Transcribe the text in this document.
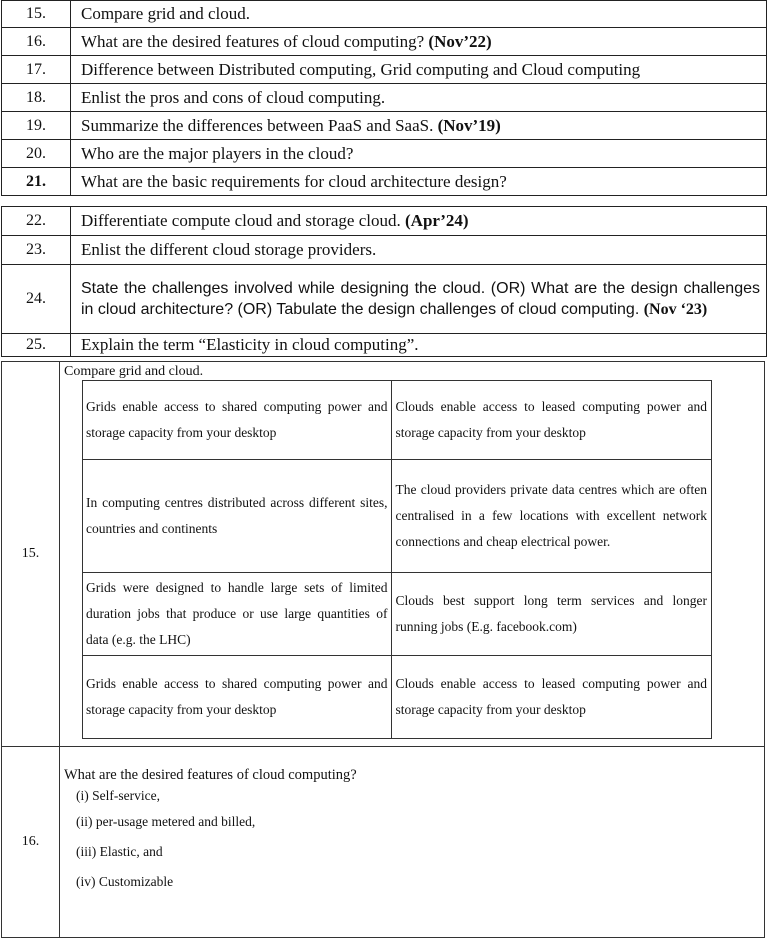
15.	Compare grid and cloud.
16.	What are the desired features of cloud computing? (Nov’22)
17.	Difference between Distributed computing, Grid computing and Cloud computing
18.	Enlist the pros and cons of cloud computing.
19.	Summarize the differences between PaaS and SaaS. (Nov’19)
20.	Who are the major players in the cloud?
21.	What are the basic requirements for cloud architecture design?
22.	Differentiate compute cloud and storage cloud. (Apr’24)
23.	Enlist the different cloud storage providers.
24.	State the challenges involved while designing the cloud. (OR) What are the design challenges in cloud architecture? (OR) Tabulate the design challenges of cloud computing. (Nov ‘23)
25.	Explain the term “Elasticity in cloud computing”.
15.	
Compare grid and cloud.
Grids enable access to shared computing power and storage capacity from your desktop	Clouds enable access to leased computing power and storage capacity from your desktop
In computing centres distributed across different sites, countries and continents	The cloud providers private data centres which are often centralised in a few locations with excellent network connections and cheap electrical power.
Grids were designed to handle large sets of limited duration jobs that produce or use large quantities of data (e.g. the LHC)	Clouds best support long term services and longer running jobs (E.g. facebook.com)
Grids enable access to shared computing power and storage capacity from your desktop	Clouds enable access to leased computing power and storage capacity from your desktop

16.	
What are the desired features of cloud computing?
(i) Self-service,
(ii) per-usage metered and billed,
(iii) Elastic, and
(iv) Customizable
